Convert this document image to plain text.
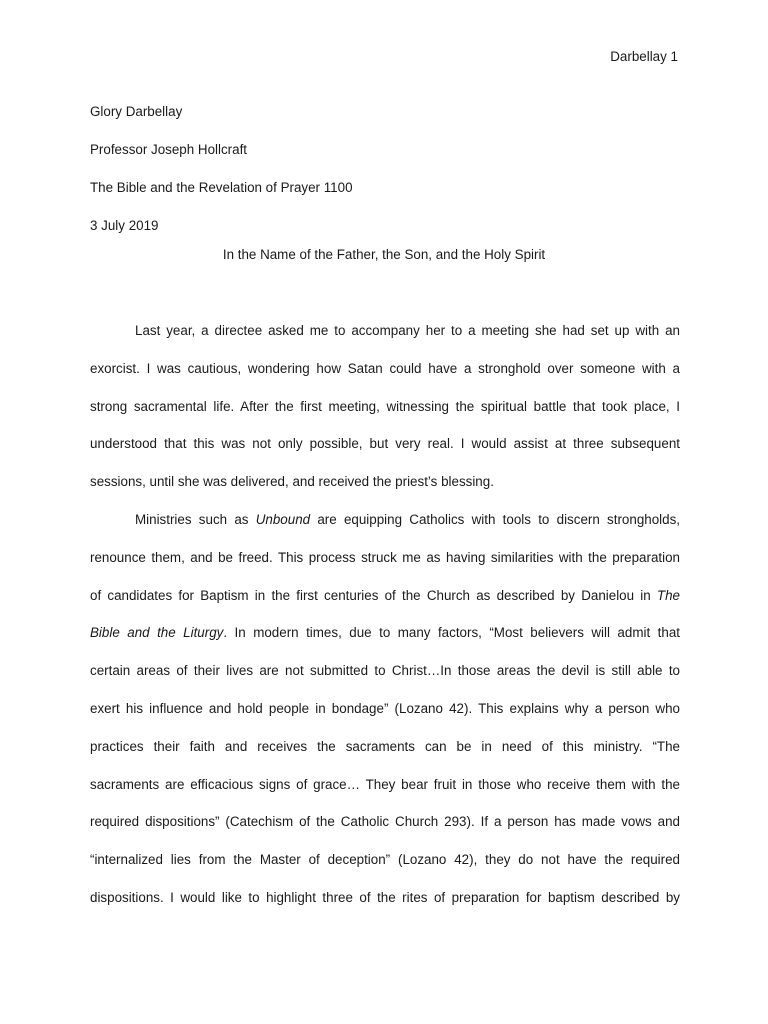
Darbellay 1
Glory Darbellay
Professor Joseph Hollcraft
The Bible and the Revelation of Prayer 1100
3 July 2019
In the Name of the Father, the Son, and the Holy Spirit
Last year, a directee asked me to accompany her to a meeting she had set up with an
exorcist. I was cautious, wondering how Satan could have a stronghold over someone with a
strong sacramental life. After the first meeting, witnessing the spiritual battle that took place, I
understood that this was not only possible, but very real. I would assist at three subsequent
sessions, until she was delivered, and received the priest’s blessing.
Ministries such as Unbound are equipping Catholics with tools to discern strongholds,
renounce them, and be freed. This process struck me as having similarities with the preparation
of candidates for Baptism in the first centuries of the Church as described by Danielou in The
Bible and the Liturgy. In modern times, due to many factors, “Most believers will admit that
certain areas of their lives are not submitted to Christ…In those areas the devil is still able to
exert his influence and hold people in bondage” (Lozano 42). This explains why a person who
practices their faith and receives the sacraments can be in need of this ministry. “The
sacraments are efficacious signs of grace… They bear fruit in those who receive them with the
required dispositions” (Catechism of the Catholic Church 293). If a person has made vows and
“internalized lies from the Master of deception” (Lozano 42), they do not have the required
dispositions. I would like to highlight three of the rites of preparation for baptism described by
